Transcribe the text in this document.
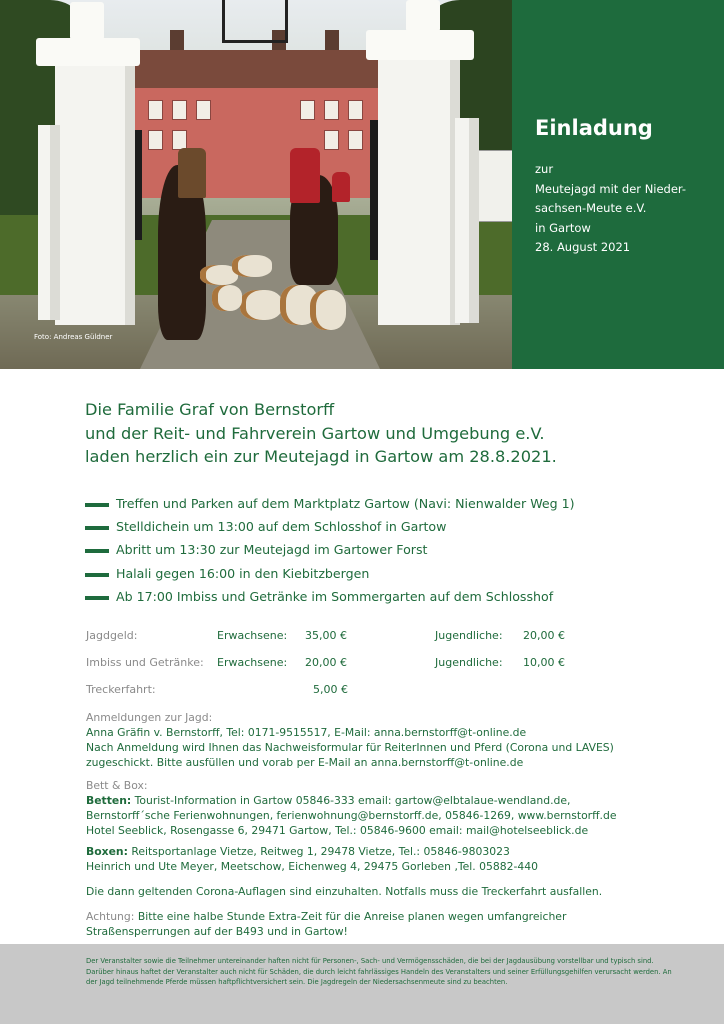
Foto: Andreas Güldner
Einladung
zur
Meutejagd mit der Nieder-
sachsen-Meute e.V.
in Gartow
28. August 2021
Die Familie Graf von Bernstorff
und der Reit- und Fahrverein Gartow und Umgebung e.V.
laden herzlich ein zur Meutejagd in Gartow am 28.8.2021.
Treffen und Parken auf dem Marktplatz Gartow (Navi: Nienwalder Weg 1)
Stelldichein um 13:00 auf dem Schlosshof in Gartow
Abritt um 13:30 zur Meutejagd im Gartower Forst
Halali gegen 16:00 in den Kiebitzbergen
Ab 17:00 Imbiss und Getränke im Sommergarten auf dem Schlosshof
Jagdgeld:	Erwachsene: 35,00 €	Jugendliche: 20,00 €
Imbiss und Getränke: Erwachsene: 20,00 €	Jugendliche: 10,00 €
Treckerfahrt:	5,00 €
Anmeldungen zur Jagd:
Anna Gräfin v. Bernstorff, Tel: 0171-9515517, E-Mail: anna.bernstorff@t-online.de
Nach Anmeldung wird Ihnen das Nachweisformular für ReiterInnen und Pferd (Corona und LAVES)
zugeschickt. Bitte ausfüllen und vorab per E-Mail an anna.bernstorff@t-online.de
Bett & Box:
Betten: Tourist-Information in Gartow 05846-333 email: gartow@elbtalaue-wendland.de,
Bernstorff´sche Ferienwohnungen, ferienwohnung@bernstorff.de, 05846-1269, www.bernstorff.de
Hotel Seeblick, Rosengasse 6, 29471 Gartow, Tel.: 05846-9600 email: mail@hotelseeblick.de
Boxen: Reitsportanlage Vietze, Reitweg 1, 29478 Vietze, Tel.: 05846-9803023
Heinrich und Ute Meyer, Meetschow, Eichenweg 4, 29475 Gorleben ,Tel. 05882-440
Die dann geltenden Corona-Auflagen sind einzuhalten. Notfalls muss die Treckerfahrt ausfallen.
Achtung: Bitte eine halbe Stunde Extra-Zeit für die Anreise planen wegen umfangreicher
Straßensperrungen auf der B493 und in Gartow!

Der Veranstalter sowie die Teilnehmer untereinander haften nicht für Personen-, Sach- und Vermögensschäden, die bei der Jagdausübung vorstellbar und typisch sind. Darüber hinaus haftet der Veranstalter auch nicht für Schäden, die durch leicht fahrlässiges Handeln des Veranstalters und seiner Erfüllungsgehilfen verursacht werden. An der Jagd teilnehmende Pferde müssen haftpflichtversichert sein. Die Jagdregeln der Niedersachsenmeute sind zu beachten.
